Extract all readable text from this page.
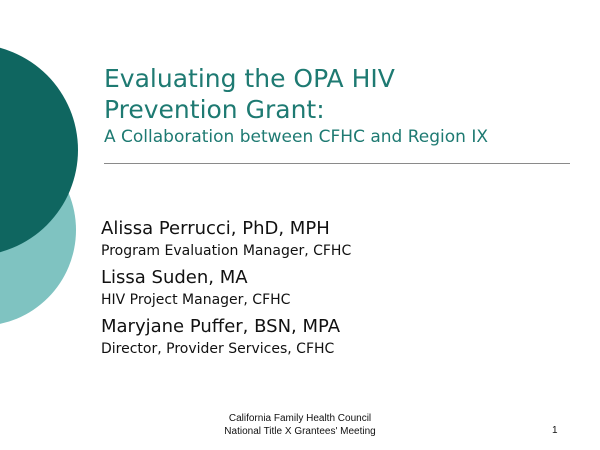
Evaluating the OPA HIV
Prevention Grant:
A Collaboration between CFHC and Region IX
Alissa Perrucci, PhD, MPH
Program Evaluation Manager, CFHC
Lissa Suden, MA
HIV Project Manager, CFHC
Maryjane Puffer, BSN, MPA
Director, Provider Services, CFHC
California Family Health Council
National Title X Grantees' Meeting	1
